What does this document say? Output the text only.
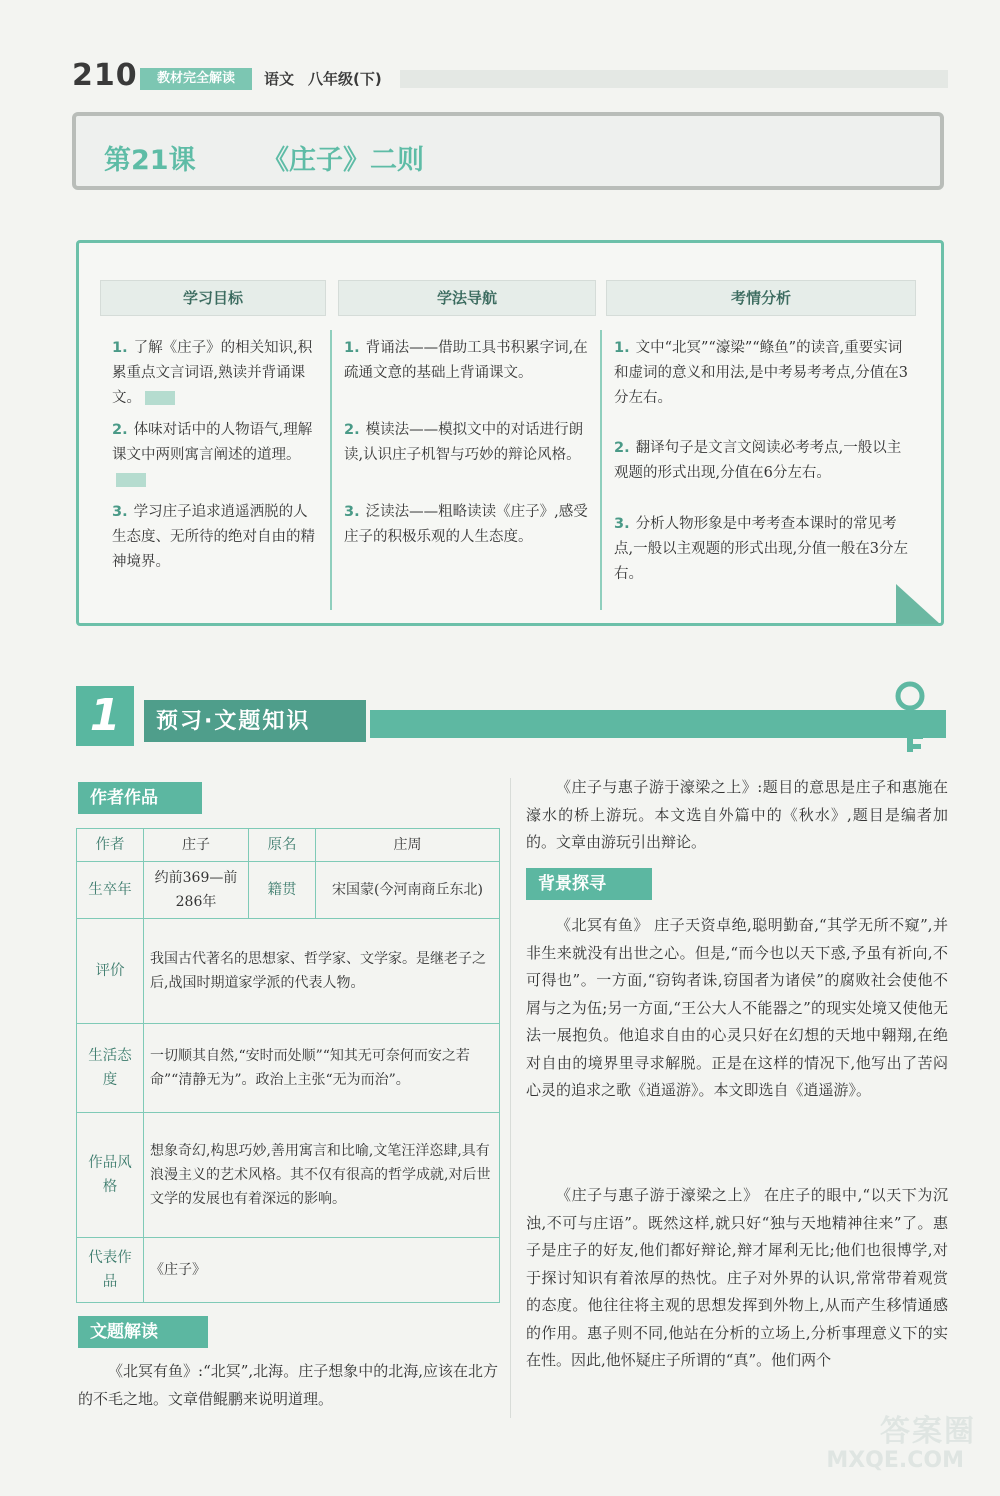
210	教材完全解读	语文 八年级(下)
第21课 《庄子》二则
学习目标	学法导航	考情分析
1. 了解《庄子》的相关知识,积累重点文言词语,熟读并背诵课文。
2. 体味对话中的人物语气,理解课文中两则寓言阐述的道理。
3. 学习庄子追求逍遥洒脱的人生态度、无所待的绝对自由的精神境界。
1. 背诵法——借助工具书积累字词,在疏通文意的基础上背诵课文。
2. 模读法——模拟文中的对话进行朗读,认识庄子机智与巧妙的辩论风格。
3. 泛读法——粗略读读《庄子》,感受庄子的积极乐观的人生态度。
1. 文中“北冥”“濠梁”“鲦鱼”的读音,重要实词和虚词的意义和用法,是中考易考考点,分值在3分左右。
2. 翻译句子是文言文阅读必考考点,一般以主观题的形式出现,分值在6分左右。
3. 分析人物形象是中考考查本课时的常见考点,一般以主观题的形式出现,分值一般在3分左右。
1	预习·文题知识
作者作品
作者	庄子	原名	庄周
生卒年	约前369—前286年	籍贯	宋国蒙(今河南商丘东北)
评价	我国古代著名的思想家、哲学家、文学家。是继老子之后,战国时期道家学派的代表人物。		
生活态度	一切顺其自然,“安时而处顺”“知其无可奈何而安之若命”“清静无为”。政治上主张“无为而治”。		
作品风格	想象奇幻,构思巧妙,善用寓言和比喻,文笔汪洋恣肆,具有浪漫主义的艺术风格。其不仅有很高的哲学成就,对后世文学的发展也有着深远的影响。		
代表作品	《庄子》		
文题解读
《北冥有鱼》:“北冥”,北海。庄子想象中的北海,应该在北方的不毛之地。文章借鲲鹏来说明道理。
《庄子与惠子游于濠梁之上》:题目的意思是庄子和惠施在濠水的桥上游玩。本文选自外篇中的《秋水》,题目是编者加的。文章由游玩引出辩论。
背景探寻
《北冥有鱼》 庄子天资卓绝,聪明勤奋,“其学无所不窥”,并非生来就没有出世之心。但是,“而今也以天下惑,予虽有祈向,不可得也”。一方面,“窃钩者诛,窃国者为诸侯”的腐败社会使他不屑与之为伍;另一方面,“王公大人不能器之”的现实处境又使他无法一展抱负。他追求自由的心灵只好在幻想的天地中翱翔,在绝对自由的境界里寻求解脱。正是在这样的情况下,他写出了苦闷心灵的追求之歌《逍遥游》。本文即选自《逍遥游》。
《庄子与惠子游于濠梁之上》 在庄子的眼中,“以天下为沉浊,不可与庄语”。既然这样,就只好“独与天地精神往来”了。惠子是庄子的好友,他们都好辩论,辩才犀利无比;他们也很博学,对于探讨知识有着浓厚的热忱。庄子对外界的认识,常常带着观赏的态度。他往往将主观的思想发挥到外物上,从而产生移情通感的作用。惠子则不同,他站在分析的立场上,分析事理意义下的实在性。因此,他怀疑庄子所谓的“真”。他们两个
答案圈
MXQE.COM
